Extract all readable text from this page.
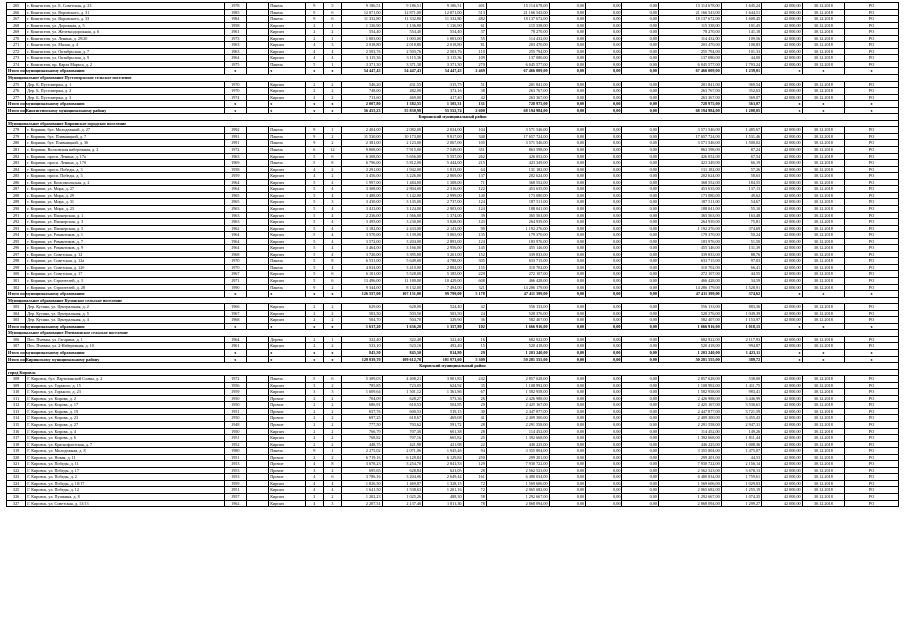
265	г. Кингисепп, ул. Б. Советская, д. 23	1978		Панель	9	5	9 186,51	9 186,51	9 186,51	401	15 114 678,00	0,00	0,00	0,00	15 114 678,00	1 645,24	42 000,00	30.12.2018	РО
266	г. Кингисепп, ул. Воровского, д. 31	1985		Панель	9	6	12 871,00	12 871,00	12 871,00	513	21 166 543,00	0,00	0,00	0,00	21 166 543,00	1 644,51	42 000,00	30.12.2018	РО
267	г. Кингисепп, ул. Воровского, д. 33	1984		Панель	9	6	11 332,80	11 332,80	11 332,80	482	18 137 672,00	0,00	0,00	0,00	18 137 672,00	1 600,45	42 000,00	30.12.2018	РО
268	г. Кингисепп, ул. Дорожная, д. 5	1958		Кирпич	2	1	1 136,90	1 136,90	1 136,90	61	115 338,00	0,00	0,00	0,00	115 338,00	101,45	42 000,00	30.12.2018	РО
269	г. Кингисепп, ул. Железнодорожная, д. 6	1961		Кирпич	2	2	554,40	554,40	554,40	37	78 270,00	0,00	0,00	0,00	78 270,00	141,18	42 000,00	30.12.2018	РО
270	г. Кингисепп, ул. Ленина, д. 29/20	1973		Кирпич	2	1	1 003,00	1 003,00	1 003,00	55	114 432,00	0,00	0,00	0,00	114 432,00	109,56	42 000,00	30.12.2018	РО
271	г. Кингисепп, ул. Малая, д. 4	1963		Кирпич	4	3	2 018,80	2 018,80	2 018,80	81	203 470,00	0,00	0,00	0,00	203 470,00	100,83	42 000,00	30.12.2018	РО
272	г. Кингисепп, ул. Октябрьская, д. 7	1963		Кирпич	4	4	2 503,76	2 503,76	2 503,76	110	255 794,00	0,00	0,00	0,00	255 794,00	101,33	42 000,00	30.12.2018	РО
273	г. Кингисепп, ул. Октябрьская, д. 9	1964		Кирпич	4	4	3 115,36	3 115,36	3 115,36	109	137 080,00	0,00	0,00	0,00	137 080,00	44,00	42 000,00	30.12.2018	РО
274	г. Кингисепп, пр. Карла Маркса, д. 2	1975		Панель	5	1	3 371,30	3 371,30	3 371,30	270	6 045 577,00	0,00	0,00	0,00	6 045 577,00	1 793,24	42 000,00	30.12.2018	РО
Итого по муниципальному образованию		x		x	x	x	54 447,43	54 447,43	54 447,43	2 469	67 466 009,00	0,00	0,00	0,00	67 466 009,00	1 239,01	x	x	x
Муниципальное образование Пустомержское сельское поселение																			
275	Дер. Б. Пустомержа, д. 1	1970		Кирпич	2	2	546,20	431,55	315,75	51	201 841,00	0,00	0,00	0,00	201 841,00	369,54	42 000,00	30.12.2018	РО
276	Дер. Б. Пустомержа, д. 2	1970		Кирпич	2	2	748,00	482,00	372,16	38	263 767,00	0,00	0,00	0,00	263 767,00	352,63	42 000,00	30.12.2018	РО
277	Дер. Б. Пустомержа, д. 3	1974		Кирпич	2	2	713,60	469,00	417,40	42	263 367,00	0,00	0,00	0,00	263 367,00	369,07	42 000,00	30.12.2018	РО
Итого по муниципальному образованию		x		x	x	x	2 007,80	1 382,55	1 105,31	131	728 975,00	0,00	0,00	0,00	728 975,00	363,07	x	x	x
Итого по Кингисеппскому муниципальному району		x		x	x	x	56 455,23	55 830,98	55 552,74	2 600	68 194 984,00	0,00	0,00	0,00	68 194 984,00	1 208,05	x	x	x
Киришский муниципальный район																			
Муниципальное образование Киришское городское поселение																			
278	г. Кириши, бул. Молодежный, д. 27	1992		Панель	9	1	2 404,00	2 082,00	2 024,00	104	3 571 546,00	0,00	0,00	0,00	3 571 546,00	1 485,67	42 000,00	30.12.2018	РО
279	г. Кириши, бул. Плавницкий, д. 7	1991		Панель	9	2	11 530,00	10 173,00	9 817,00	340	17 657 724,00	0,00	0,00	0,00	17 657 724,00	1 531,46	42 000,00	30.12.2018	РО
280	г. Кириши, бул. Плавницкий, д. 36	1991		Панель	9	2	2 381,00	2 123,00	2 067,00	105	3 571 546,00	0,00	0,00	0,00	3 571 546,00	1 500,02	42 000,00	30.12.2018	РО
281	г. Кириши, Волховская набережная, д. 2	1972		Панель	6	12	9 808,00	7 915,00	7 549,00	351	863 598,00	0,00	0,00	0,00	863 598,00	87,24	42 000,00	30.12.2018	РО
282	г. Кириши, просп. Ленина, д. 17а	1963		Кирпич	5	6	6 308,00	5 656,00	5 557,00	262	426 052,00	0,00	0,00	0,00	426 052,00	67,54	42 000,00	30.12.2018	РО
283	г. Кириши, просп. Ленина, д. 17б	1969		Панель	5	8	6 796,00	5 812,00	5 444,00	215	423 349,00	0,00	0,00	0,00	423 349,00	66,19	42 000,00	30.12.2018	РО
284	г. Кириши, просп. Победы, д. 3	1958		Кирпич	4	2	2 291,00	1 942,00	1 813,00	64	131 182,00	0,00	0,00	0,00	131 182,00	57,26	42 000,00	30.12.2018	РО
285	г. Кириши, просп. Победы, д. 5	1959		Кирпич	4	2	3 456,00	3 226,00	2 869,00	137	202 624,00	0,00	0,00	0,00	202 624,00	58,63	42 000,00	30.12.2018	РО
286	г. Кириши, ул. Комсомольская, д. 2	1964		Кирпич	5	4	1 997,00	1 484,00	1 308,00	71	368 552,00	0,00	0,00	0,00	368 552,00	184,55	42 000,00	30.12.2018	РО
287	г. Кириши, ул. Мира, д. 27	1964		Кирпич	5	4	3 308,00	2 804,00	2 316,00	122	453 635,00	0,00	0,00	0,00	453 635,00	137,13	42 000,00	30.12.2018	РО
288	г. Кириши, ул. Мира, д. 29	1965		Кирпич	5	4	3 488,00	3 142,00	2 999,00	140	173 080,00	0,00	0,00	0,00	173 080,00	49,62	42 000,00	30.12.2018	РО
289	г. Кириши, ул. Мира, д. 31	1965		Кирпич	5	3	3 430,00	3 145,00	2 737,00	124	187 511,00	0,00	0,00	0,00	187 511,00	54,67	42 000,00	30.12.2018	РО
290	г. Кириши, ул. Мира, д. 23	1963		Кирпич	5	4	3 413,00	3 124,00	2 903,00	124	188 041,00	0,00	0,00	0,00	188 041,00	55,10	42 000,00	30.12.2018	РО
291	г. Кириши, ул. Пионерская, д. 1	1963		Кирпич	5	4	2 236,00	1 566,00	1 374,00	39	365 563,00	0,00	0,00	0,00	365 563,00	163,48	42 000,00	30.12.2018	РО
292	г. Кириши, ул. Пионерская, д. 3	1963		Кирпич	5	4	3 495,00	3 230,00	3 028,00	143	264 939,00	0,00	0,00	0,00	264 939,00	75,81	42 000,00	30.12.2018	РО
293	г. Кириши, ул. Пионерская, д. 5	1962		Кирпич	5	4	3 182,00	2 433,00	2 143,00	99	1 192 276,00	0,00	0,00	0,00	1 192 276,00	374,69	42 000,00	30.12.2018	РО
294	г. Кириши, ул. Романтиков, д. 1	1964		Кирпич	5	4	3 570,00	3 139,00	3 065,00	135	179 370,00	0,00	0,00	0,00	179 370,00	50,24	42 000,00	30.12.2018	РО
295	г. Кириши, ул. Романтиков, д. 7	1964		Кирпич	5	4	3 572,00	3 204,00	2 893,00	124	183 976,00	0,00	0,00	0,00	183 976,00	51,50	42 000,00	30.12.2018	РО
296	г. Кириши, ул. Романтиков, д. 9	1964		Кирпич	5	4	3 464,00	3 166,00	2 956,00	145	455 146,00	0,00	0,00	0,00	455 146,00	131,39	42 000,00	30.12.2018	РО
297	г. Кириши, ул. Советская, д. 12	1968		Кирпич	5	4	3 720,00	3 395,00	3 261,00	152	339 833,00	0,00	0,00	0,00	339 833,00	88,76	42 000,00	30.12.2018	РО
298	г. Кириши, ул. Советская, д. 12а	1970		Панель	5	8	6 531,00	5 649,00	4 788,00	305	633 715,00	0,00	0,00	0,00	633 715,00	97,03	42 000,00	30.12.2018	РО
299	г. Кириши, ул. Советская, д. 12б	1970		Панель	5	4	4 034,00	3 410,00	2 884,00	155	310 702,00	0,00	0,00	0,00	310 702,00	66,41	42 000,00	30.12.2018	РО
300	г. Кириши, ул. Советская, д. 17	1967		Кирпич	5	6	6 101,00	5 528,00	5 185,00	229	272 107,00	0,00	0,00	0,00	272 107,00	44,55	42 000,00	30.12.2018	РО
301	г. Кириши, ул. Строителей, д. 3	1971		Кирпич	5	6	13 496,00	11 180,00	10 429,00	608	466 428,00	0,00	0,00	0,00	466 428,00	34,59	42 000,00	30.12.2018	РО
302	г. Кириши, ул. Строителей, д. 28	1990		Панель	9	2	9 344,00	8 132,00	7 494,00	321	14 286 179,00	0,00	0,00	0,00	14 286 179,00	1 528,91	42 000,00	30.12.2018	РО
Итого по муниципальному образованию		x		x	x	x	126 557,00	107 131,00	99 799,00	5 178	47 411 399,00	0,00	0,00	0,00	47 411 399,00	374,62	x	x	x
Муниципальное образование Кусинское сельское поселение																			
303	Дер. Кусино, ул. Центральная, д. 2	1966		Кирпич	2	2	629,00	628,00	524,40	42	556 133,00	0,00	0,00	0,00	556 133,00	883,36	42 000,00	30.12.2018	РО
304	Дер. Кусино, ул. Центральная, д. 5	1967		Кирпич	2	2	503,50	503,50	503,50	24	528 376,00	0,00	0,00	0,00	528 376,00	1 049,39	42 000,00	30.12.2018	РО
305	Дер. Кусино, ул. Центральная, д. 4	1968		Кирпич	2	2	504,70	504,70	329,90	36	582 407,00	0,00	0,00	0,00	582 407,00	1 153,97	42 000,00	30.12.2018	РО
Итого по муниципальному образованию		x		x	x	x	1 637,20	1 636,20	1 357,80	102	1 666 916,00	0,00	0,00	0,00	1 666 916,00	1 018,15	x	x	x
Муниципальное образование Пчевжинское сельское поселение																			
306	Пос. Пчевжа, ул. Гагарина, д. 1	1964		Дерево	2	1	322,40	322,40	322,40	16	682 922,00	0,00	0,00	0,00	682 922,00	2 117,93	42 000,00	30.12.2018	РО
307	Пос. Пчевжа, ул. 2-Набережная, д. 10	1961		Кирпич	2	2	523,10	523,10	492,40	15	520 418,00	0,00	0,00	0,00	520 418,00	994,87	42 000,00	30.12.2018	РО
Итого по муниципальному образованию		x		x	x	x	845,50	845,50	814,80	29	1 203 240,00	0,00	0,00	0,00	1 203 240,00	1 423,11	x	x	x
Итого по Киришскому муниципальному району		x		x	x	x	129 039,70	109 612,70	101 971,60	5 309	50 281 555,00	0,00	0,00	0,00	50 281 555,00	389,72	x	x	x
Кировский муниципальный район																			
город Кировск																			
308	Г. Кировск, бул. Партизанской Славы, д. 2	1972		Панель	5	6	5 309,03	4 408,21	3 901,83	242	2 857 628,00	0,00	0,00	0,00	2 857 628,00	538,00	42 000,00	30.12.2018	РО
309	Г. Кировск, ул. Горького, д. 15	1956		Кирпич	3	2	785,85	723,05	624,92	35	1 108 992,00	0,00	0,00	0,00	1 108 992,00	1 411,75	42 000,00	30.12.2018	РО
310	Г. Кировск, ул. Горького, д. 23	1959		Кирпич	3	3	1 609,64	1 501,12	1 361,86	67	1 582 958,00	0,00	0,00	0,00	1 582 958,00	983,41	42 000,00	30.12.2018	РО
311	Г. Кировск, ул. Кирова, д. 2	1950		Прочие	2	2	704,09	628,27	573,36	26	2 426 988,00	0,00	0,00	0,00	2 426 988,00	3 446,99	42 000,00	30.12.2018	РО
312	Г. Кировск, ул. Кирова, д. 17	1950		Прочие	2	2	686,91	610,53	504,85	29	2 425 167,00	0,00	0,00	0,00	2 425 167,00	3 530,61	42 000,00	30.12.2018	РО
313	Г. Кировск, ул. Кирова, д. 19	1951		Прочие	2	2	657,76	600,53	519,15	30	2 447 877,00	0,00	0,00	0,00	2 447 877,00	3 721,59	42 000,00	30.12.2018	РО
314	Г. Кировск, ул. Кирова, д. 23	1950		Прочие	2	2	697,25	618,67	469,08	41	2 409 300,00	0,00	0,00	0,00	2 409 300,00	3 455,43	42 000,00	30.12.2018	РО
315	Г. Кировск, ул. Кирова, д. 27	1948		Прочие	2	2	777,50	703,62	591,72	28	2 291 558,00	0,00	0,00	0,00	2 291 558,00	2 947,31	42 000,00	30.12.2018	РО
316	Г. Кировск, ул. Кирова, д. 4	1950		Кирпич	2	2	766,79	707,30	601,38	28	114 452,00	0,00	0,00	0,00	114 452,00	149,26	42 000,00	30.12.2018	РО
317	Г. Кировск, ул. Кирова, д. 6	1951		Кирпич	2	2	768,82	707,16	665,82	25	1 392 668,00	0,00	0,00	0,00	1 392 668,00	1 811,44	42 000,00	30.12.2018	РО
318	Г. Кировск, ул. Краснофлотская, д. 7	1952		Кирпич	2	2	448,75	421,98	421,98	22	446 225,00	0,00	0,00	0,00	446 225,00	1 008,36	42 000,00	30.12.2018	РО
319	Г. Кировск, ул. Молодежная, д. 8	1980		Панель	9	1	2 275,02	2 071,06	1 945,46	94	3 355 804,00	0,00	0,00	0,00	3 355 804,00	1 475,07	42 000,00	30.12.2018	РО
320	Г. Кировск, ул. Новая, д. 11	1951		Прочие	2	2	6 719,16	6 129,84	6 129,84	250	299 201,00	0,00	0,00	0,00	299 201,00	44,53	42 000,00	30.12.2018	РО
321	Г. Кировск, ул. Победы, д. 11	1953		Прочие	4	8	3 678,23	3 254,70	2 841,33	129	7 930 722,00	0,00	0,00	0,00	7 930 722,00	2 156,14	42 000,00	30.12.2018	РО
322	Г. Кировск, ул. Победы, д. 17	1953		Прочие	3	2	695,65	628,84	621,05	28	2 562 523,00	0,00	0,00	0,00	2 562 523,00	3 678,13	42 000,00	30.12.2018	РО
323	Г. Кировск, ул. Победы, д. 2	1953		Прочие	4	6	3 786,16	3 204,06	2 649,44	161	6 480 034,00	0,00	0,00	0,00	6 480 034,00	1 759,61	42 000,00	30.12.2018	РО
324	Г. Кировск, ул. Победы, д. 10/17	1959		Кирпич	4	4	1 826,50	1 469,87	1 328,15	72	1 569 606,00	0,00	0,00	0,00	1 569 606,00	1 029,03	42 000,00	30.12.2018	РО
325	Г. Кировск, ул. Победы, д. 12	1951		Кирпич	4	4	1 641,50	1 538,63	1 201,16	72	2 065 682,00	0,00	0,00	0,00	2 065 682,00	1 255,19	42 000,00	30.12.2018	РО
326	Г. Кировск, ул. Пушкина, д. 8	1957		Кирпич	2	2	1 202,23	1 025,26	488,30	58	1 292 667,00	0,00	0,00	0,00	1 292 667,00	1 074,35	42 000,00	30.12.2018	РО
327	Г. Кировск, ул. Советская, д. 13/13	1962		Кирпич	4	3	2 207,51	2 137,40	1 811,30	78	2 868 094,00	0,00	0,00	0,00	2 868 094,00	1 299,27	42 000,00	30.12.2018	РО
